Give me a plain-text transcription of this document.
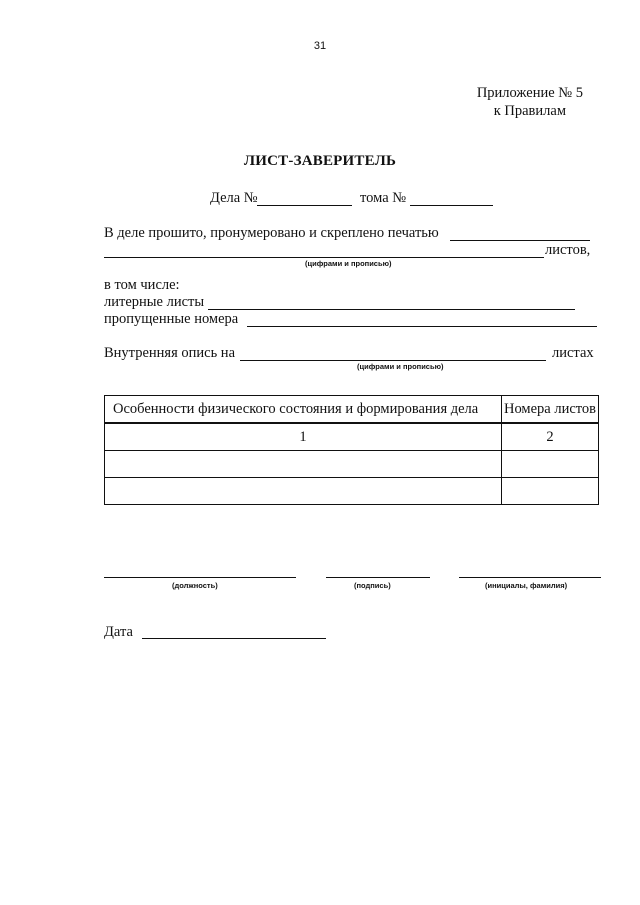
31
Приложение № 5
к Правилам
ЛИСТ-ЗАВЕРИТЕЛЬ
Дела №	тома №
В деле прошито, пронумеровано и скреплено печатью
листов,
(цифрами и прописью)
в том числе:
литерные листы
пропущенные номера
Внутренняя опись на	листах
(цифрами и прописью)
Особенности физического состояния и формирования дела	Номера листов
1	2

(должность)	(подпись)	(инициалы, фамилия)
Дата
